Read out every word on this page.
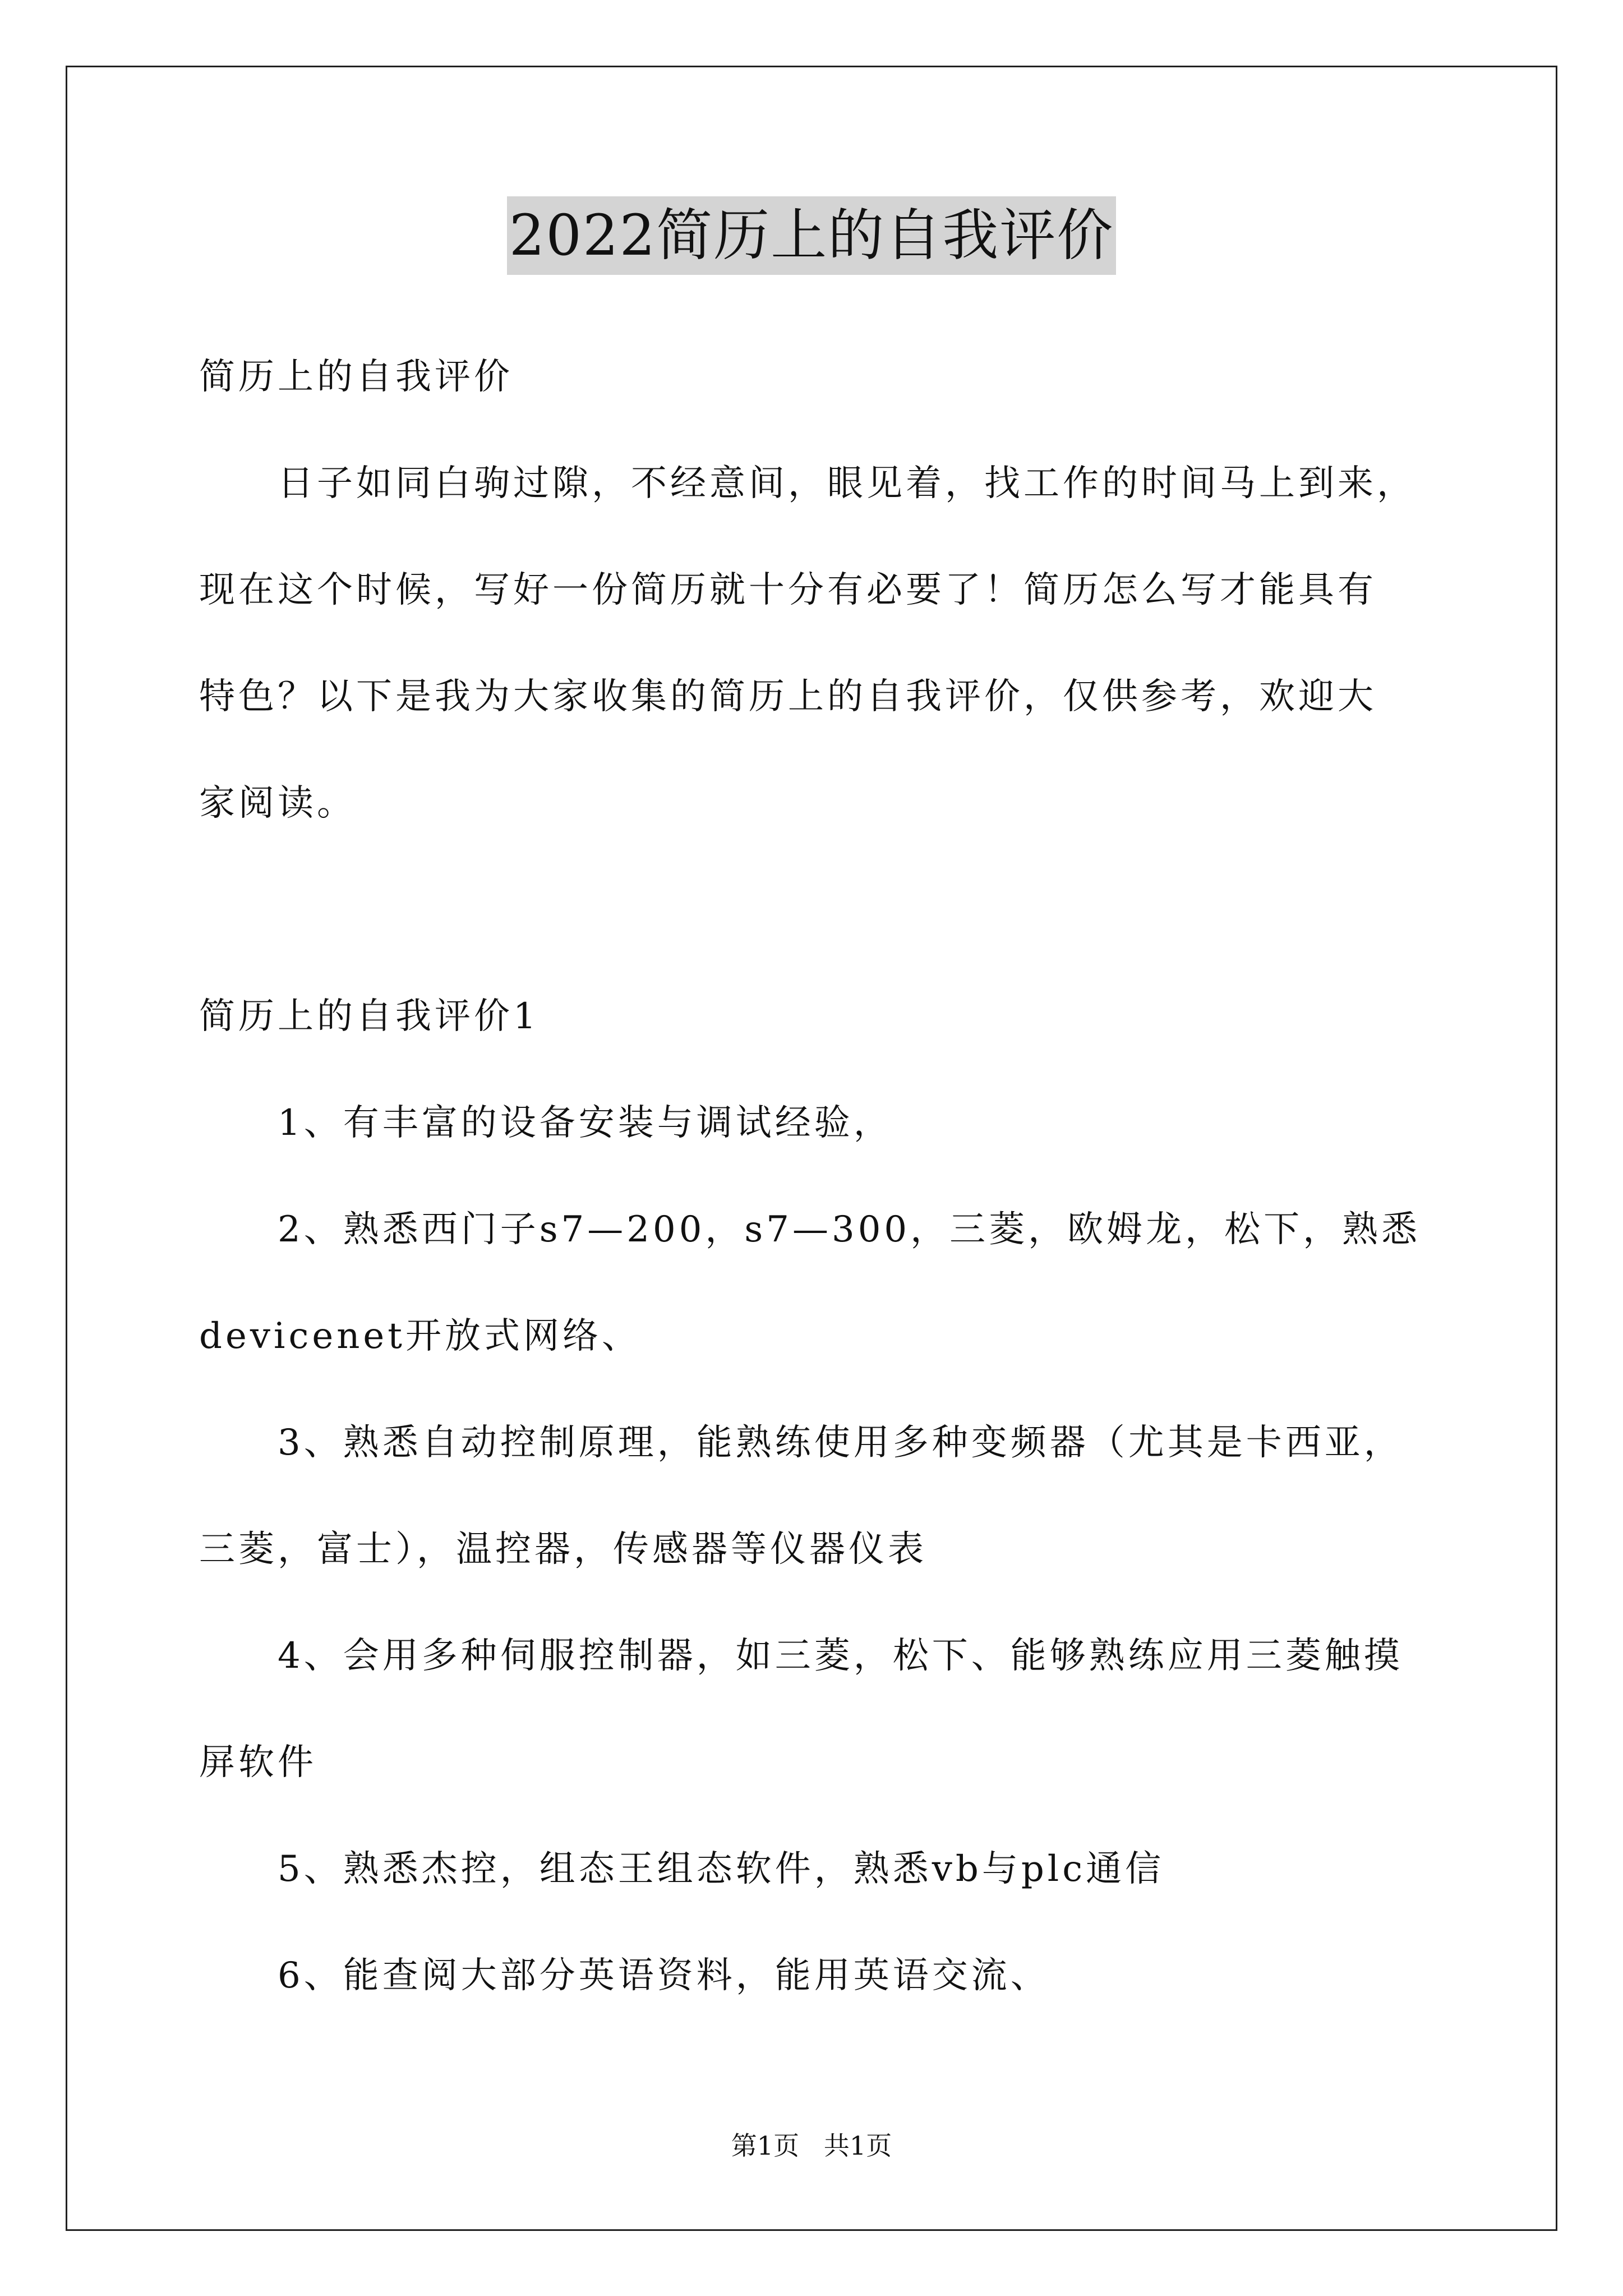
2022简历上的自我评价
简历上的自我评价
日子如同白驹过隙，不经意间，眼见着，找工作的时间马上到来，
现在这个时候，写好一份简历就十分有必要了！简历怎么写才能具有
特色？以下是我为大家收集的简历上的自我评价，仅供参考，欢迎大
家阅读。
简历上的自我评价1
1、有丰富的设备安装与调试经验，
2、熟悉西门子s7—200，s7—300，三菱，欧姆龙，松下，熟悉
devicenet开放式网络、
3、熟悉自动控制原理，能熟练使用多种变频器（尤其是卡西亚，
三菱，富士），温控器，传感器等仪器仪表
4、会用多种伺服控制器，如三菱，松下、能够熟练应用三菱触摸
屏软件
5、熟悉杰控，组态王组态软件，熟悉vb与plc通信
6、能查阅大部分英语资料，能用英语交流、
第1页   共1页
